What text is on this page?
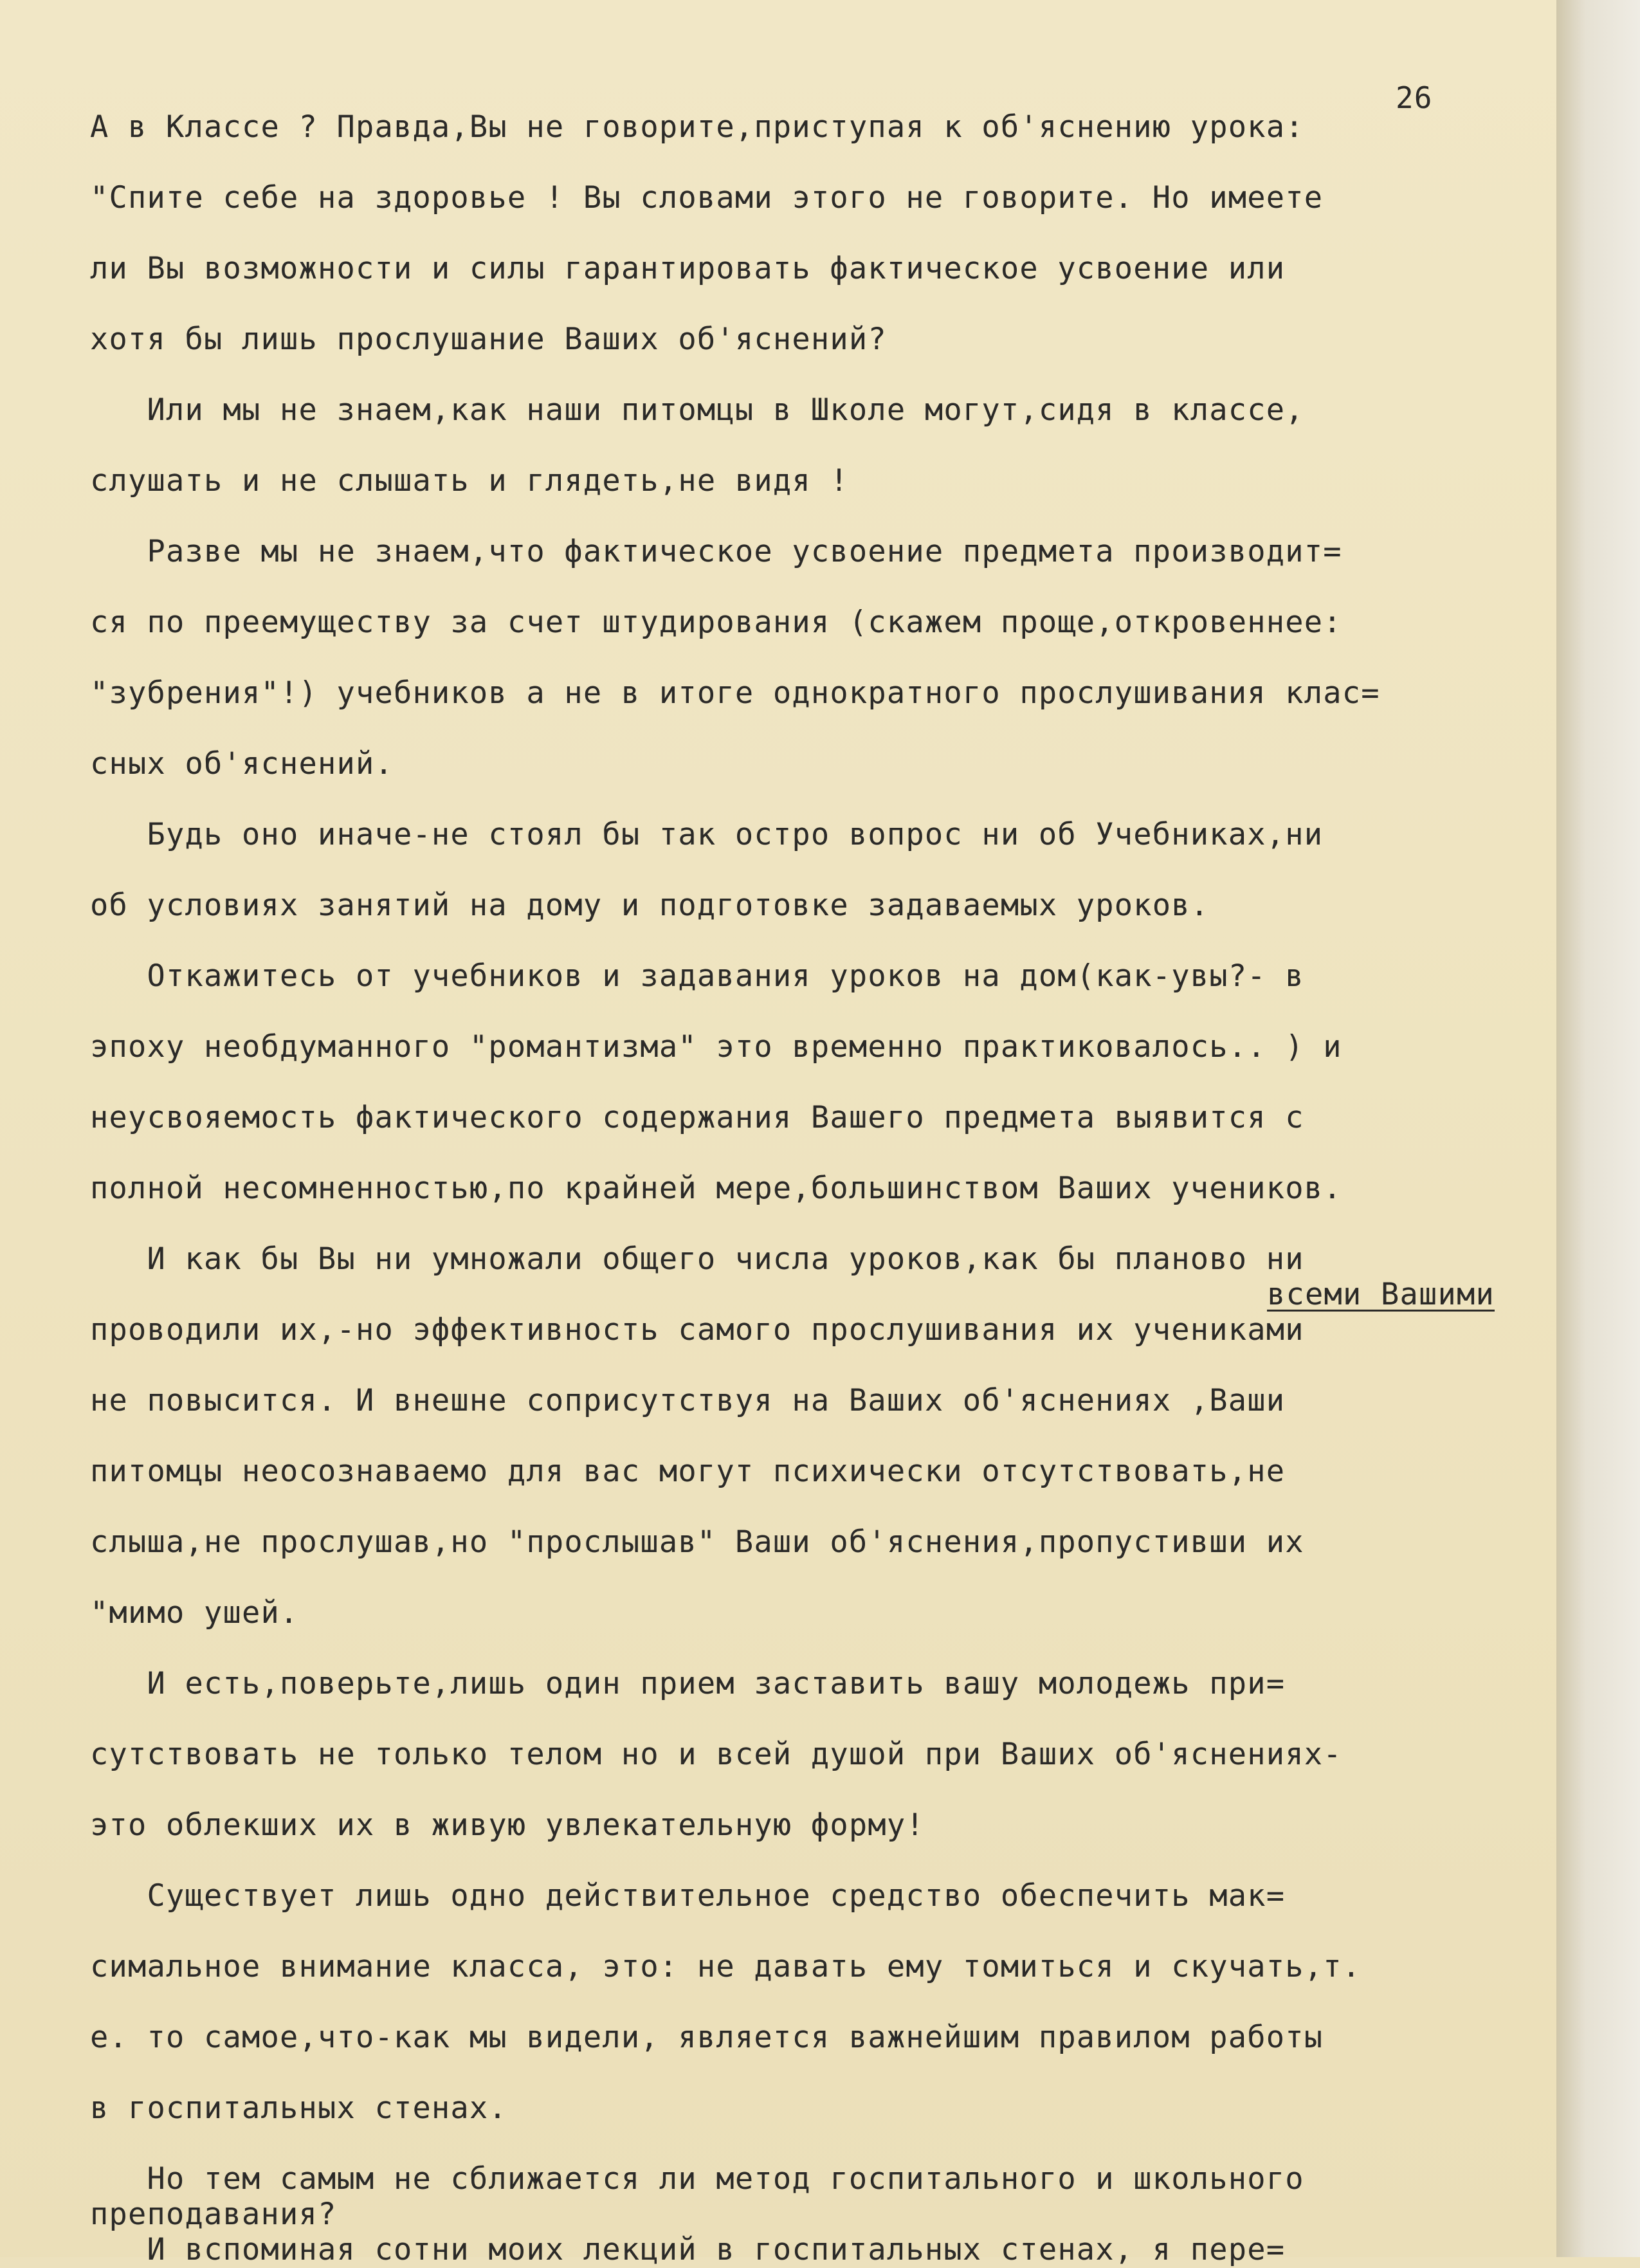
26
А в Классе ? Правда,Вы не говорите,приступая к об'яснению урока:
"Спите себе на здоровье ! Вы словами этого не говорите. Но имеете
ли Вы возможности и силы гарантировать фактическое усвоение или
хотя бы лишь прослушание Ваших об'яснений?
Или мы не знаем,как наши питомцы в Школе могут,сидя в классе,
слушать и не слышать и глядеть,не видя !
Разве мы не знаем,что фактическое усвоение предмета производит=
ся по преемуществу за счет штудирования (скажем проще,откровеннее:
"зубрения"!) учебников а не в итоге однократного прослушивания клас=
сных об'яснений.
Будь оно иначе-не стоял бы так остро вопрос ни об Учебниках,ни
об условиях занятий на дому и подготовке задаваемых уроков.
Откажитесь от учебников и задавания уроков на дом(как-увы?- в
эпоху необдуманного "романтизма" это временно практиковалось.. ) и
неусвояемость фактического содержания Вашего предмета выявится с
полной несомненностью,по крайней мере,большинством Ваших учеников.
И как бы Вы ни умножали общего числа уроков,как бы планово ни
всеми Вашими
проводили их,-но эффективность самого прослушивания их учениками
не повысится. И внешне соприсутствуя на Ваших об'яснениях ,Ваши
питомцы неосознаваемо для вас могут психически отсутствовать,не
слыша,не прослушав,но "прослышав" Ваши об'яснения,пропустивши их
"мимо ушей.
И есть,поверьте,лишь один прием заставить вашу молодежь при=
сутствовать не только телом но и всей душой при Ваших об'яснениях-
это облекших их в живую увлекательную форму!
Существует лишь одно действительное средство обеспечить мак=
симальное внимание класса, это: не давать ему томиться и скучать,т.
е. то самое,что-как мы видели, является важнейшим правилом работы
в госпитальных стенах.
Но тем самым не сближается ли метод госпитального и школьного
преподавания?
И вспоминая сотни моих лекций в госпитальных стенах, я пере=
